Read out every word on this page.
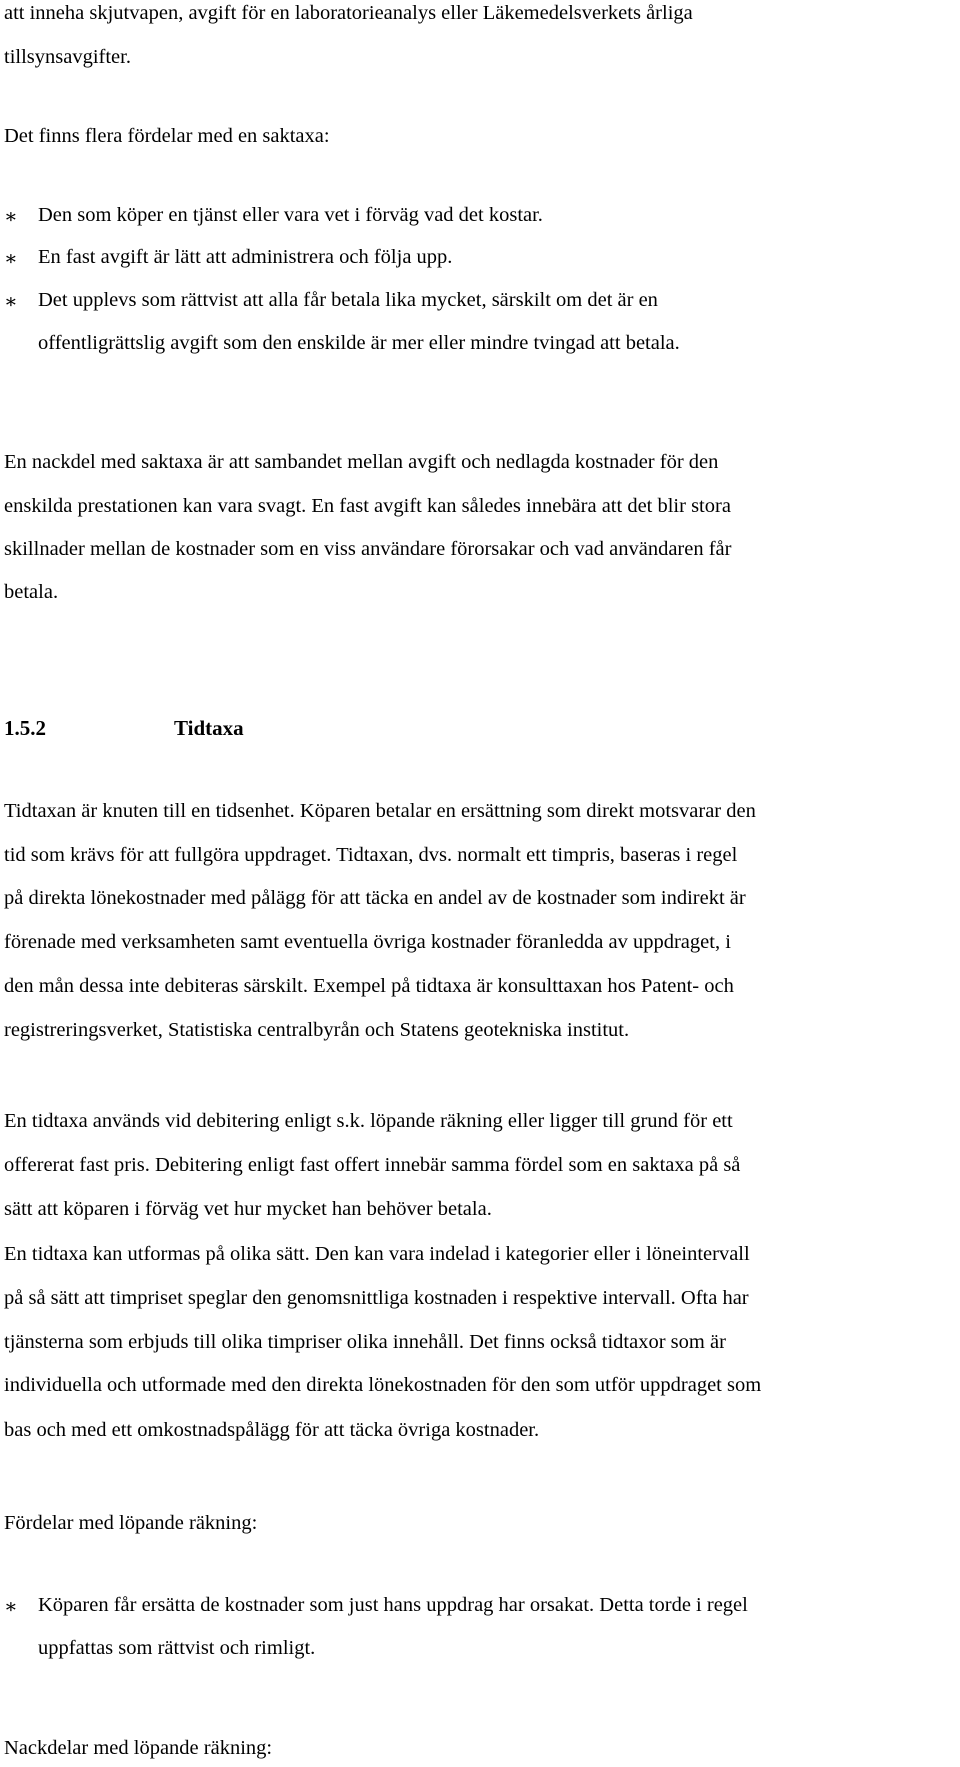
att inneha skjutvapen, avgift för en laboratorieanalys eller Läkemedelsverkets årliga
tillsynsavgifter.
Det finns flera fördelar med en saktaxa:
∗ Den som köper en tjänst eller vara vet i förväg vad det kostar.
∗ En fast avgift är lätt att administrera och följa upp.
∗ Det upplevs som rättvist att alla får betala lika mycket, särskilt om det är en
offentligrättslig avgift som den enskilde är mer eller mindre tvingad att betala.
En nackdel med saktaxa är att sambandet mellan avgift och nedlagda kostnader för den
enskilda prestationen kan vara svagt. En fast avgift kan således innebära att det blir stora
skillnader mellan de kostnader som en viss användare förorsakar och vad användaren får
betala.
1.5.2	Tidtaxa
Tidtaxan är knuten till en tidsenhet. Köparen betalar en ersättning som direkt motsvarar den
tid som krävs för att fullgöra uppdraget. Tidtaxan, dvs. normalt ett timpris, baseras i regel
på direkta lönekostnader med pålägg för att täcka en andel av de kostnader som indirekt är
förenade med verksamheten samt eventuella övriga kostnader föranledda av uppdraget, i
den mån dessa inte debiteras särskilt. Exempel på tidtaxa är konsulttaxan hos Patent- och
registreringsverket, Statistiska centralbyrån och Statens geotekniska institut.
En tidtaxa används vid debitering enligt s.k. löpande räkning eller ligger till grund för ett
offererat fast pris. Debitering enligt fast offert innebär samma fördel som en saktaxa på så
sätt att köparen i förväg vet hur mycket han behöver betala.
En tidtaxa kan utformas på olika sätt. Den kan vara indelad i kategorier eller i löneintervall
på så sätt att timpriset speglar den genomsnittliga kostnaden i respektive intervall. Ofta har
tjänsterna som erbjuds till olika timpriser olika innehåll. Det finns också tidtaxor som är
individuella och utformade med den direkta lönekostnaden för den som utför uppdraget som
bas och med ett omkostnadspålägg för att täcka övriga kostnader.
Fördelar med löpande räkning:
∗ Köparen får ersätta de kostnader som just hans uppdrag har orsakat. Detta torde i regel
uppfattas som rättvist och rimligt.
Nackdelar med löpande räkning:
